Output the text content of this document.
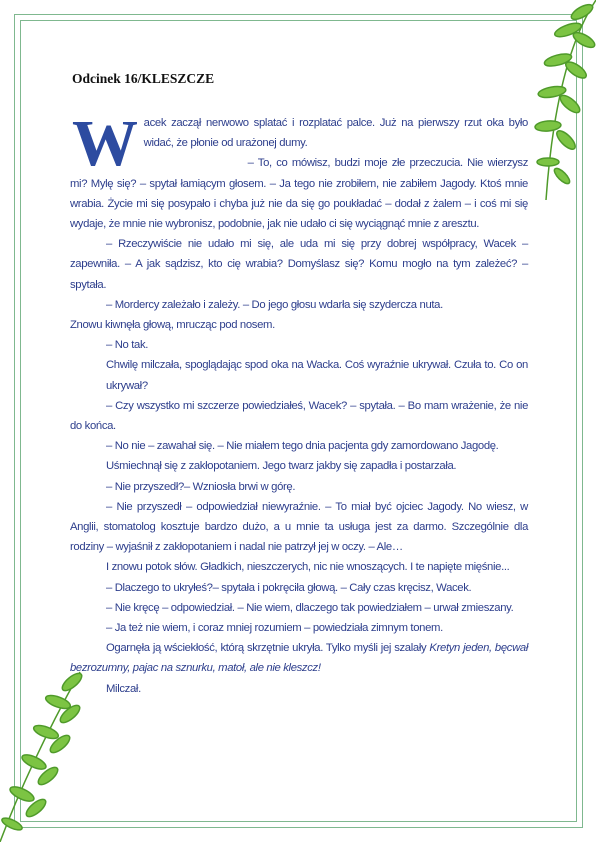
Odcinek 16/KLESZCZE

Wacek zaczął nerwowo splatać i rozplatać palce. Już na pierwszy rzut oka było widać, że płonie od urażonej dumy.

– To, co mówisz, budzi moje złe przeczucia. Nie wierzysz mi? Mylę się? – spytał łamiącym głosem. – Ja tego nie zrobiłem, nie zabiłem Jagody. Ktoś mnie wrabia. Życie mi się posypało i chyba już nie da się go poukładać – dodał z żalem – i coś mi się wydaje, że mnie nie wybronisz, podobnie, jak nie udało ci się wyciągnąć mnie z aresztu.

– Rzeczywiście nie udało mi się, ale uda mi się przy dobrej współpracy, Wacek – zapewniła. – A jak sądzisz, kto cię wrabia? Domyślasz się? Komu mogło na tym zależeć? – spytała.

– Mordercy zależało i zależy. – Do jego głosu wdarła się szydercza nuta.

Znowu kiwnęła głową, mrucząc pod nosem.

– No tak.

Chwilę milczała, spoglądając spod oka na Wacka. Coś wyraźnie ukrywał. Czuła to. Co on ukrywał?

– Czy wszystko mi szczerze powiedziałeś, Wacek? – spytała. – Bo mam wrażenie, że nie do końca.

– No nie – zawahał się. – Nie miałem tego dnia pacjenta gdy zamordowano Jagodę.

Uśmiechnął się z zakłopotaniem. Jego twarz jakby się zapadła i postarzała.

– Nie przyszedł?– Wzniosła brwi w górę.

– Nie przyszedł – odpowiedział niewyraźnie. – To miał być ojciec Jagody. No wiesz, w Anglii, stomatolog kosztuje bardzo dużo, a u mnie ta usługa jest za darmo. Szczególnie dla rodziny – wyjaśnił z zakłopotaniem i nadal nie patrzył jej w oczy. – Ale…

I znowu potok słów. Gładkich, nieszczerych, nic nie wnoszących. I te napięte mięśnie...

– Dlaczego to ukryłeś?– spytała i pokręciła głową. – Cały czas kręcisz, Wacek.

– Nie kręcę – odpowiedział. – Nie wiem, dlaczego tak powiedziałem – urwał zmieszany.

– Ja też nie wiem, i coraz mniej rozumiem – powiedziała zimnym tonem.

Ogarnęła ją wściekłość, którą skrzętnie ukryła. Tylko myśli jej szalały Kretyn jeden, bęcwał bezrozumny, pajac na sznurku, matoł, ale nie kleszcz!

Milczał.
